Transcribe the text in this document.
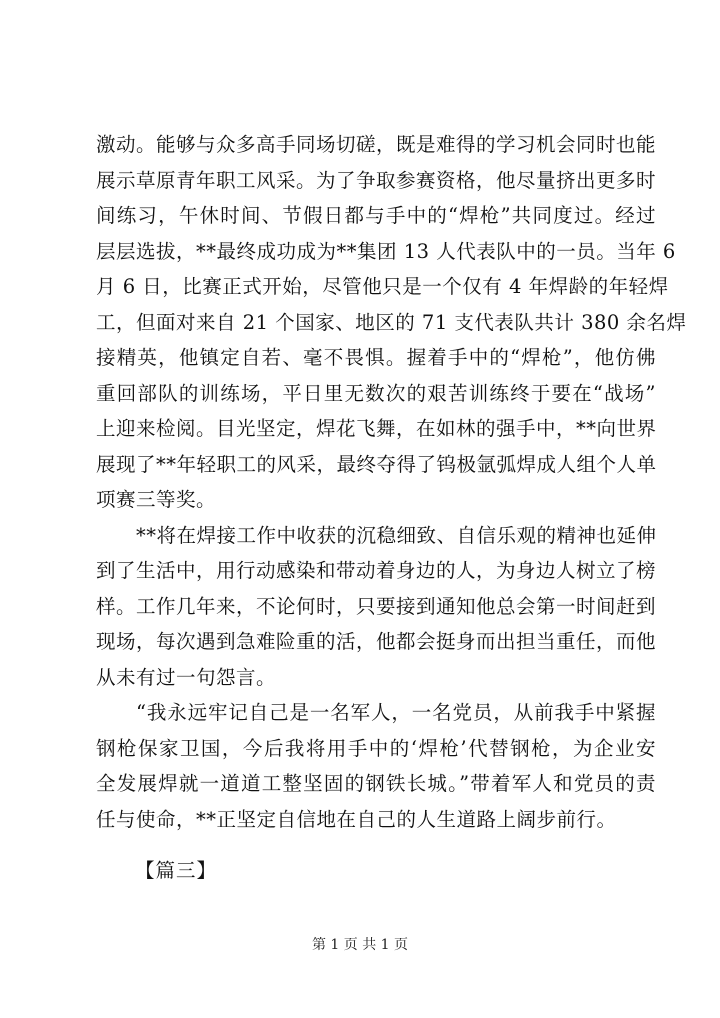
激动。能够与众多高手同场切磋，既是难得的学习机会同时也能
展示草原青年职工风采。为了争取参赛资格，他尽量挤出更多时
间练习，午休时间、节假日都与手中的“焊枪”共同度过。经过
层层选拔，**最终成功成为**集团 13 人代表队中的一员。当年 6
月 6 日，比赛正式开始，尽管他只是一个仅有 4 年焊龄的年轻焊
工，但面对来自 21 个国家、地区的 71 支代表队共计 380 余名焊
接精英，他镇定自若、毫不畏惧。握着手中的“焊枪”，他仿佛
重回部队的训练场，平日里无数次的艰苦训练终于要在“战场”
上迎来检阅。目光坚定，焊花飞舞，在如林的强手中，**向世界
展现了**年轻职工的风采，最终夺得了钨极氩弧焊成人组个人单
项赛三等奖。
**将在焊接工作中收获的沉稳细致、自信乐观的精神也延伸
到了生活中，用行动感染和带动着身边的人，为身边人树立了榜
样。工作几年来，不论何时，只要接到通知他总会第一时间赶到
现场，每次遇到急难险重的活，他都会挺身而出担当重任，而他
从未有过一句怨言。
“我永远牢记自己是一名军人，一名党员，从前我手中紧握
钢枪保家卫国，今后我将用手中的‘焊枪’代替钢枪，为企业安
全发展焊就一道道工整坚固的钢铁长城。”带着军人和党员的责
任与使命，**正坚定自信地在自己的人生道路上阔步前行。
【篇三】
第 1 页 共 1 页
